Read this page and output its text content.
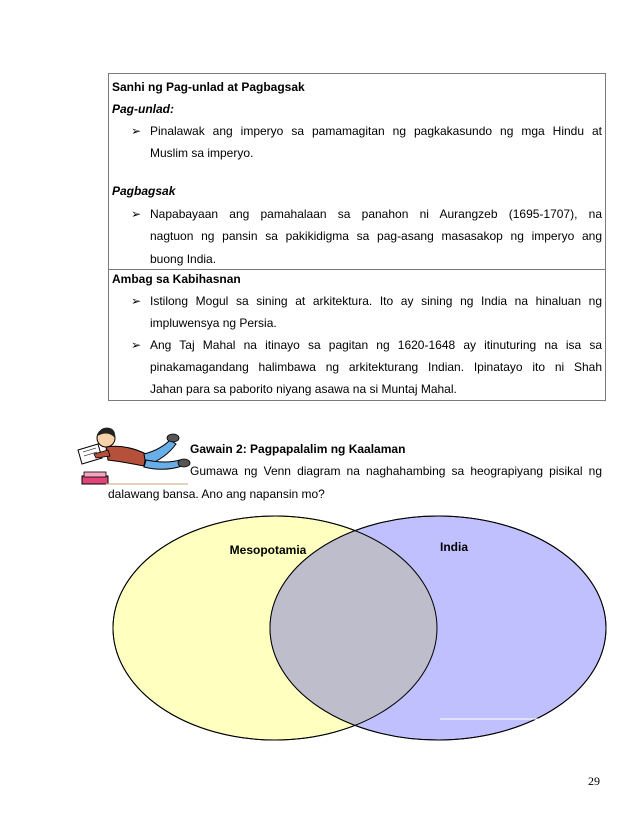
Sanhi ng Pag-unlad at Pagbagsak
Pag-unlad:
➢ Pinalawak ang imperyo sa pamamagitan ng pagkakasundo ng mga Hindu at
Muslim sa imperyo.
Pagbagsak
➢ Napabayaan ang pamahalaan sa panahon ni Aurangzeb (1695-1707), na
nagtuon ng pansin sa pakikidigma sa pag-asang masasakop ng imperyo ang
buong India.
Ambag sa Kabihasnan
➢ Istilong Mogul sa sining at arkitektura. Ito ay sining ng India na hinaluan ng
impluwensya ng Persia.
➢ Ang Taj Mahal na itinayo sa pagitan ng 1620-1648 ay itinuturing na isa sa
pinakamagandang halimbawa ng arkitekturang Indian. Ipinatayo ito ni Shah
Jahan para sa paborito niyang asawa na si Muntaj Mahal.
Gawain 2: Pagpapalalim ng Kaalaman
Gumawa ng Venn diagram na naghahambing sa heograpiyang pisikal ng
dalawang bansa. Ano ang napansin mo?
Mesopotamia	India
29
